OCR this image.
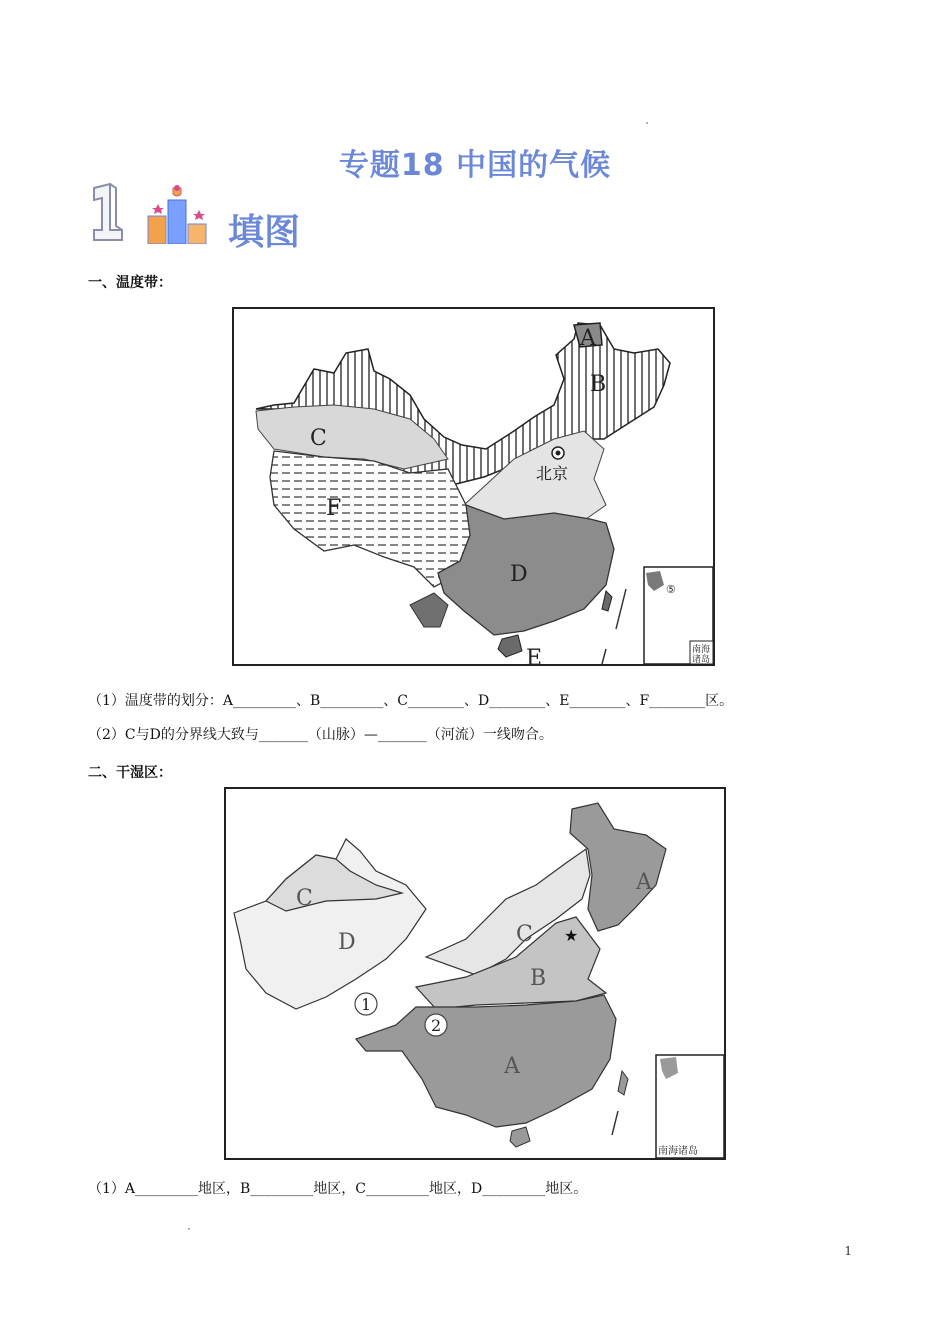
专题18 中国的气候
填图
一、温度带：
A
B
C
F
D
E
北京
⑤
南海
诸岛
（1）温度带的划分：A_________、B_________、C________、D________、E________、F________区。
（2）C与D的分界线大致与_______（山脉）—_______（河流）一线吻合。
二、干湿区：
★
C
D	C
B
A
A
1
2
南海诸岛
（1）A_________地区，B_________地区，C_________地区，D_________地区。
1
